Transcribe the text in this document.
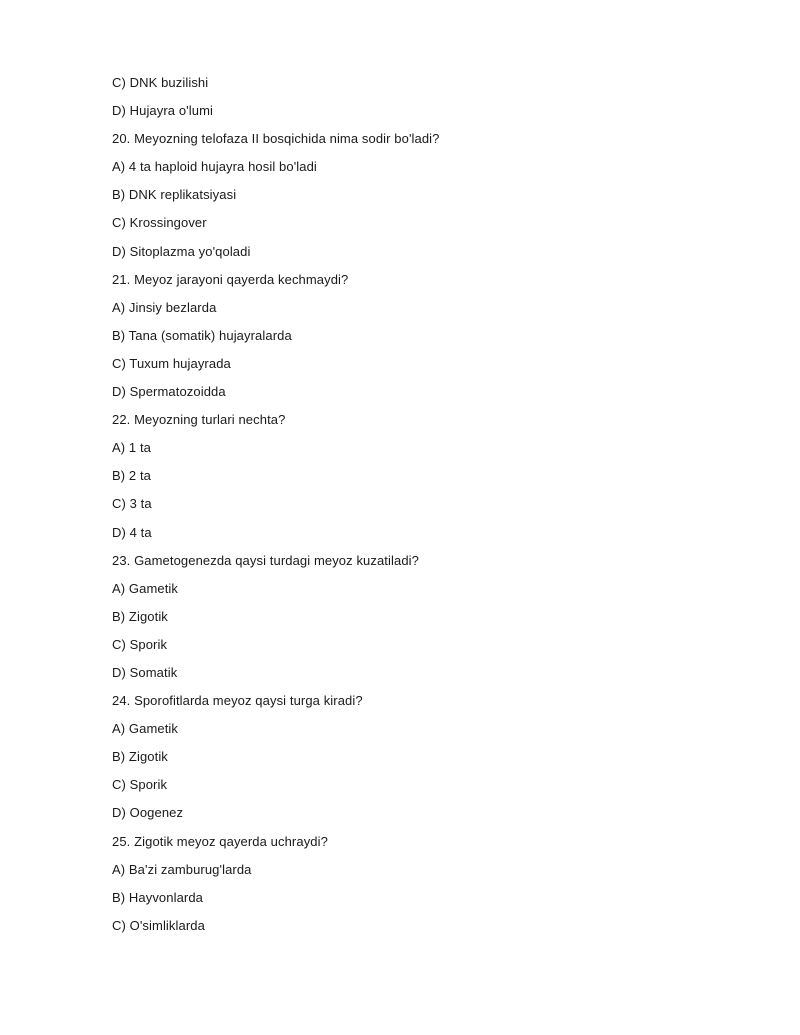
C) DNK buzilishi
D) Hujayra o'lumi
20. Meyozning telofaza II bosqichida nima sodir bo'ladi?
A) 4 ta haploid hujayra hosil bo'ladi
B) DNK replikatsiyasi
C) Krossingover
D) Sitoplazma yo'qoladi
21. Meyoz jarayoni qayerda kechmaydi?
A) Jinsiy bezlarda
B) Tana (somatik) hujayralarda
C) Tuxum hujayrada
D) Spermatozoidda
22. Meyozning turlari nechta?
A) 1 ta
B) 2 ta
C) 3 ta
D) 4 ta
23. Gametogenezda qaysi turdagi meyoz kuzatiladi?
A) Gametik
B) Zigotik
C) Sporik
D) Somatik
24. Sporofitlarda meyoz qaysi turga kiradi?
A) Gametik
B) Zigotik
C) Sporik
D) Oogenez
25. Zigotik meyoz qayerda uchraydi?
A) Ba'zi zamburug'larda
B) Hayvonlarda
C) O'simliklarda
